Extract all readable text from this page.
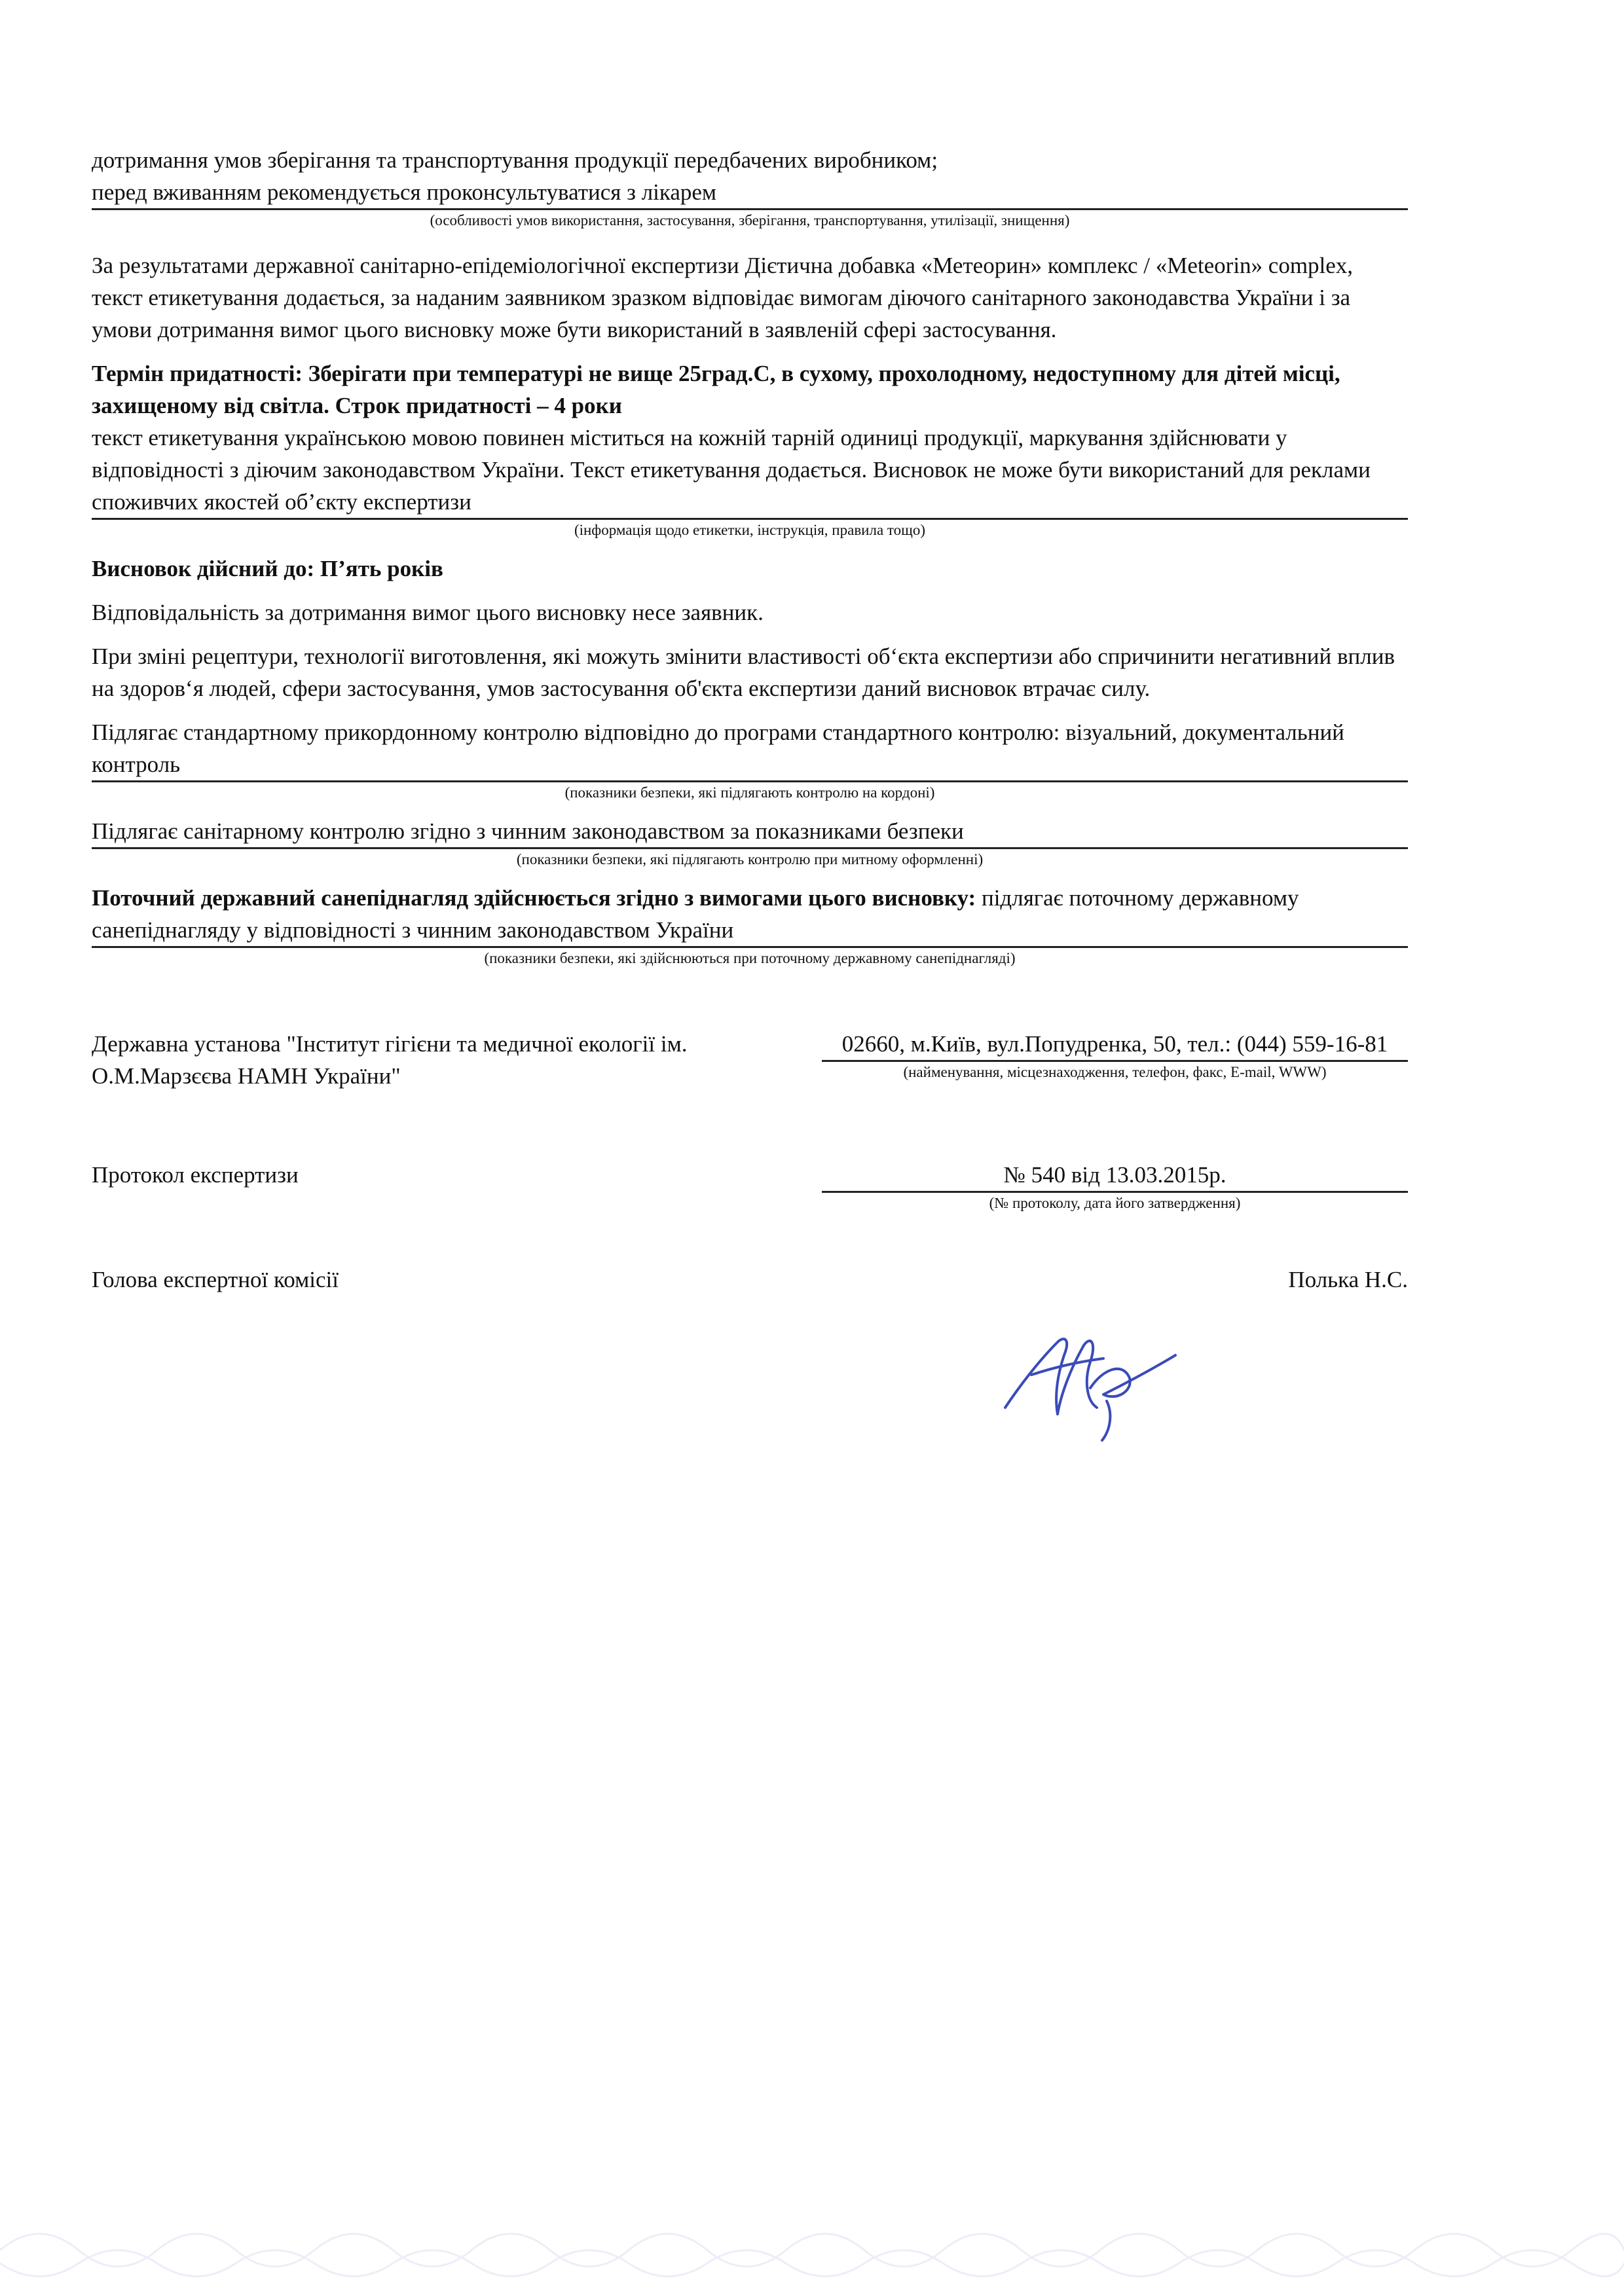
дотримання умов зберігання та транспортування продукції передбачених виробником;

перед вживанням рекомендується проконсультуватися з лікарем

(особливості умов використання, застосування, зберігання, транспортування, утилізації, знищення)

За результатами державної санітарно-епідеміологічної експертизи Дієтична добавка «Метеорин» комплекс / «Meteorin» complex, текст етикетування додається, за наданим заявником зразком відповідає вимогам діючого санітарного законодавства України і за умови дотримання вимог цього висновку може бути використаний в заявленій сфері застосування.

Термін придатності: Зберігати при температурі не вище 25град.С, в сухому, прохолодному, недоступному для дітей місці, захищеному від світла. Строк придатності – 4 роки

текст етикетування українською мовою повинен міститься на кожній тарній одиниці продукції, маркування здійснювати у відповідності з діючим законодавством України. Текст етикетування додається. Висновок не може бути використаний для реклами споживчих якостей об’єкту експертизи

(інформація щодо етикетки, інструкція, правила тощо)

Висновок дійсний до: П’ять років

Відповідальність за дотримання вимог цього висновку несе заявник.

При зміні рецептури, технології виготовлення, які можуть змінити властивості об‘єкта експертизи або спричинити негативний вплив на здоров‘я людей, сфери застосування, умов застосування об'єкта експертизи даний висновок втрачає силу.

Підлягає стандартному прикордонному контролю відповідно до програми стандартного контролю: візуальний, документальний контроль

(показники безпеки, які підлягають контролю на кордоні)

Підлягає санітарному контролю згідно з чинним законодавством за показниками безпеки

(показники безпеки, які підлягають контролю при митному оформленні)

Поточний державний санепіднагляд здійснюється згідно з вимогами цього висновку: підлягає поточному державному санепіднагляду у відповідності з чинним законодавством України

(показники безпеки, які здійснюються при поточному державному санепіднагляді)

Державна установа "Інститут гігієни та медичної екології ім. О.М.Марзєєва НАМН України"

02660, м.Київ, вул.Попудренка, 50, тел.: (044) 559-16-81

(найменування, місцезнаходження, телефон, факс, E-mail, WWW)

Протокол експертизи	№ 540 від 13.03.2015р.

(№ протоколу, дата його затвердження)

Голова експертної комісії	Полька Н.С.
